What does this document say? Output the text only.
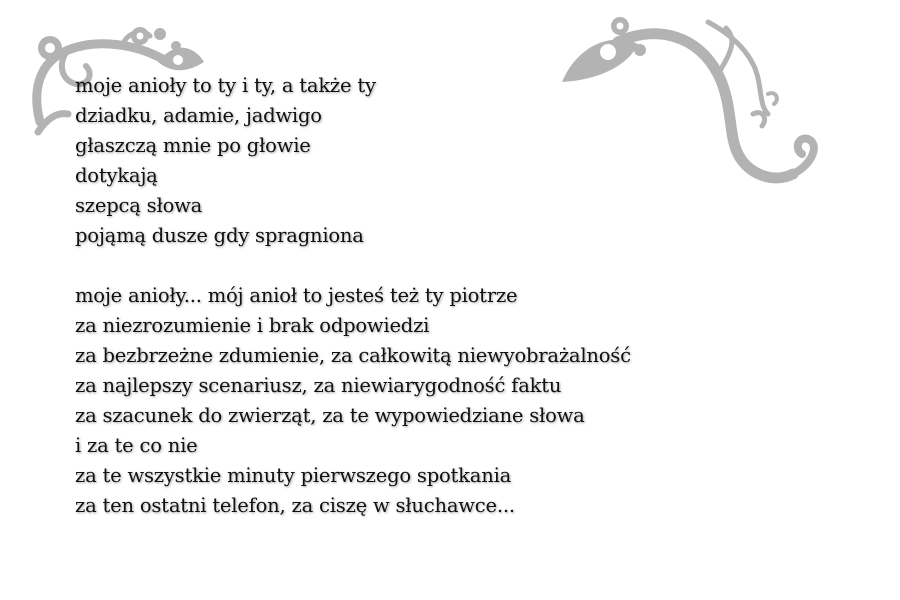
moje anioły to ty i ty, a także ty
dziadku, adamie, jadwigo
głaszczą mnie po głowie
dotykają
szepcą słowa
pojąmą dusze gdy spragniona
moje anioły... mój anioł to jesteś też ty piotrze
za niezrozumienie i brak odpowiedzi
za bezbrzeżne zdumienie, za całkowitą niewyobrażalność
za najlepszy scenariusz, za niewiarygodność faktu
za szacunek do zwierząt, za te wypowiedziane słowa
i za te co nie
za te wszystkie minuty pierwszego spotkania
za ten ostatni telefon, za ciszę w słuchawce...
